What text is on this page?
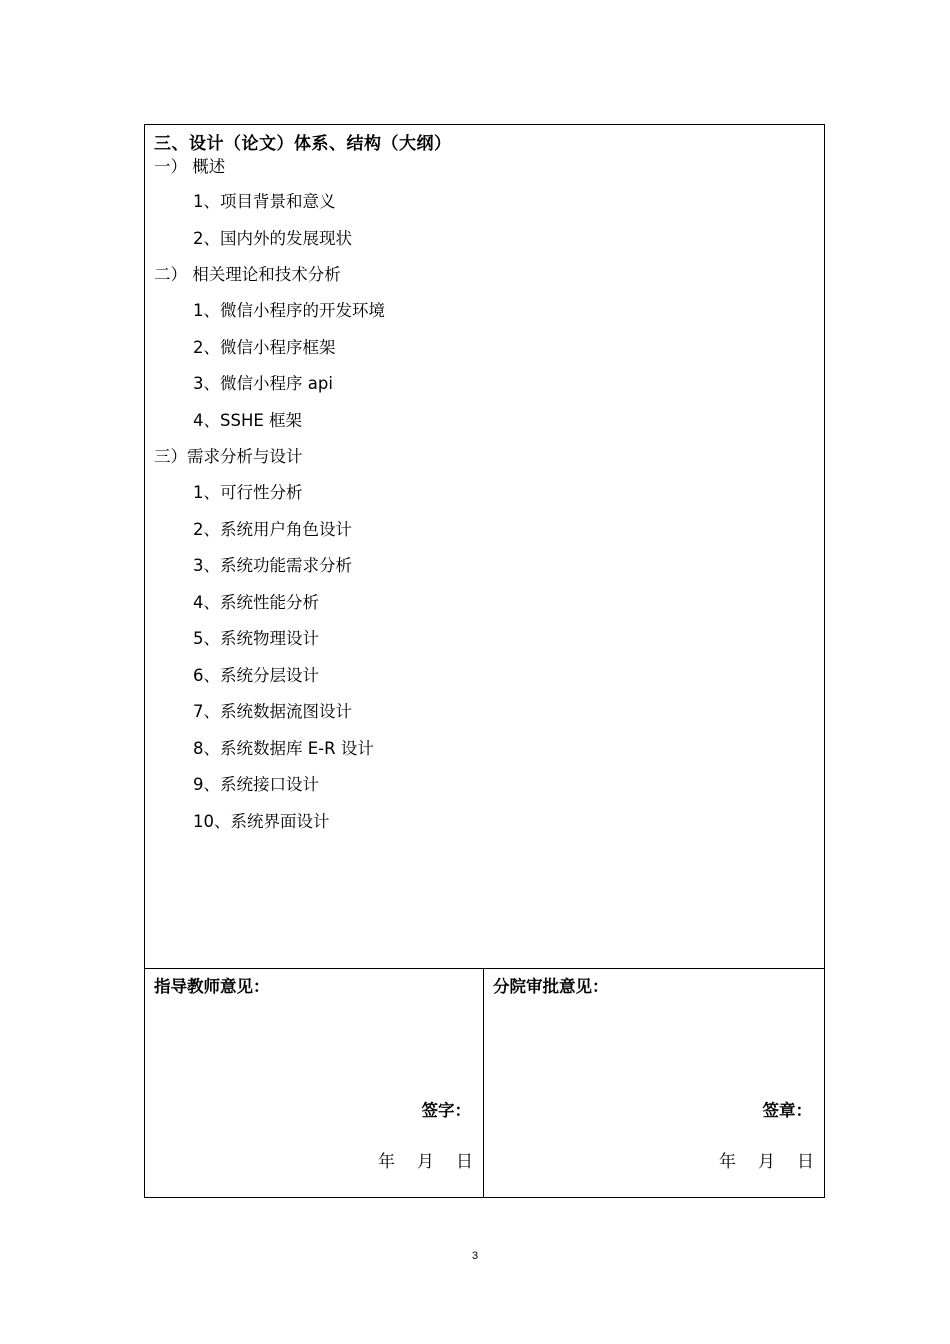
三、设计（论文）体系、结构（大纲）
一） 概述
1、项目背景和意义
2、国内外的发展现状
二） 相关理论和技术分析
1、微信小程序的开发环境
2、微信小程序框架
3、微信小程序 api
4、SSHE 框架
三）需求分析与设计
1、可行性分析
2、系统用户角色设计
3、系统功能需求分析
4、系统性能分析
5、系统物理设计
6、系统分层设计
7、系统数据流图设计
8、系统数据库 E-R 设计
9、系统接口设计
10、系统界面设计
指导教师意见：
签字：
年 月 日
分院审批意见：
签章：
年 月 日
3
